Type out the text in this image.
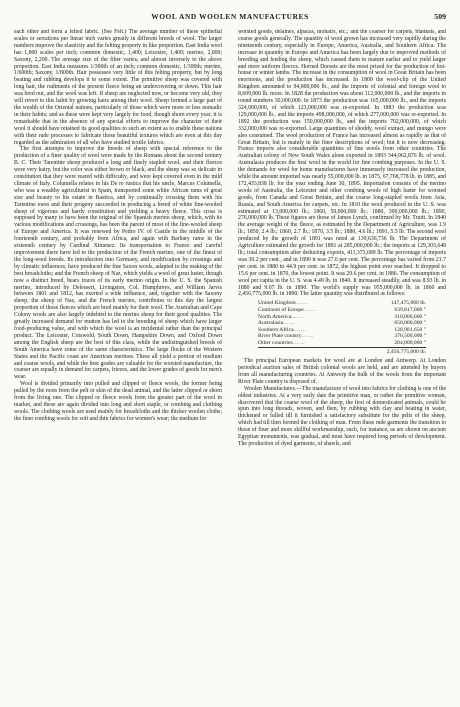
WOOL AND WOOLEN MANUFACTURES	509

each other and form a felted fabric. (See Felt.) The average number of these epithelial scales or serrations per linear inch varies greatly in different breeds of wool. The larger numbers improve the elasticity and the felting property in like proportion. East India wool has 1,800 scales per inch; common domestic, 1,400; Leicester, 1,400; merino, 2,000; Saxony, 2,200. The average size of the fiber varies, and almost inversely to the above proportion. East India measures 1/300th of an inch; common domestic, 1/300th; merino, 1/600th; Saxony, 1/800th. Hair possesses very little of this felting property, but by long beating and rubbing develops it to some extent. The primitive sheep was covered with long hair, the rudiments of the present fleece being an undercovering or down. This hair was bred out, and the wool was left. If sheep are neglected now, or become very old, they will revert to this habit by growing hairs among their wool. Sheep formed a large part of the wealth of the Oriental nations, particularly of those which were more or less nomadic in their habits; and as these were kept very largely for food, though shorn every year, it is remarkable that in the absence of any special efforts to improve the character of their wool it should have retained its good qualities to such an extent as to enable these nations with their rude processes to fabricate those beautiful textures which are even at this day regarded as the admiration of all who have studied textile fabrics.

The first attempts to improve the breeds of sheep with special reference to the production of a finer quality of wool were made by the Romans about the second century B. C. Their Tarentine sheep produced a long and finely stapled wool, and their fleeces were very hairy, but the color was either brown or black, and the sheep was so delicate in constitution that they were reared with difficulty, and were kept covered even in the mild climate of Italy. Columella relates in his De re rustica that his uncle, Marcus Columella, who was a wealthy agriculturist in Spain, transported some white African rams of great size and beauty to his estate in Baetica, and by continually crossing them with his Tarentine ewes and their progeny succeeded in producing a breed of white fine-wooled sheep of vigorous and hardy constitution and yielding a heavy fleece. This cross is supposed by many to have been the original of the Spanish merino sheep, which, with its various modifications and crossings, has been the parent of most of the fine-wooled sheep of Europe and America. It was renewed by Pedro IV. of Castile in the middle of the fourteenth century, and probably from Africa, and again with Barbary rams in the sixteenth century by Cardinal Ximenez. Its transportation to France and careful improvement there have led to the production of the French merino, one of the finest of the long-wool breeds. Its introduction into Germany, and modification by crossings and by climatic influences, have produced the fine Saxon wools, adapted to the making of the best broadcloths; and the French sheep of Naz, which yields a wool of great luster, though now a distinct breed, bears traces of its early merino origin. In the U. S. the Spanish merino, introduced by Delessert, Livingston, Col. Humphreys, and William Jarvis between 1801 and 1812, has exerted a wide influence, and, together with the Saxony sheep, the sheep of Naz, and the French merino, contributes to this day the largest proportion of those fleeces which are bred mainly for their wool. The Australian and Cape Colony wools are also largely indebted to the merino sheep for their good qualities. The greatly increased demand for mutton has led to the breeding of sheep which have larger food-producing value, and with which the wool is an incidental rather than the principal product. The Leicester, Cotswold, South Down, Hampshire Down, and Oxford Down among the English sheep are the best of this class, while the undistinguished breeds of South America have some of the same characteristics. The large flocks of the Western States and the Pacific coast are American merinos. These all yield a portion of medium and coarse wools, and while the best grades are valuable for the worsted manufacture, the coarser are equally in demand for carpets, friezes, and the lower grades of goods for men's wear.

Wool is divided primarily into pulled and clipped or fleece wools, the former being pulled by the roots from the pelt or skin of the dead animal, and the latter clipped or shorn from the living one. The clipped or fleece wools form the greater part of the wool in market, and these are again divided into long and short staple, or combing and clothing wools. The clothing wools are used mainly for broadcloths and the thicker woolen cloths; the finer combing wools for soft and thin fabrics for women's wear; the medium for

worsted goods, delaines, alpacas, mohairs, etc.; and the coarser for carpets, blankets, and coarse goods generally. The quantity of wool grown has increased very rapidly during the nineteenth century, especially in Europe, America, Australia, and Southern Africa. The increase in quantity in Europe and America has been largely due to improved methods of breeding and feeding the sheep, which caused them to mature earlier and to yield larger and more uniform fleeces. Horned Dorsets are the most prized for the production of hot-house or winter lambs. The increase in the consumption of wool in Great Britain has been enormous, and the production has increased. In 1800 the wool-clip of the United Kingdom amounted to 94,000,000 lb., and the imports of colonial and foreign wool to 8,609,000 lb. more. In 1828 the production was about 112,000,000 lb., and the imports in round numbers 30,000,000. In 1873 the production was 165,000,000 lb., and the imports 324,000,000, of which 123,000,000 was re-exported. In 1883 the production was 129,000,000 lb., and the imports 498,000,000, of which 277,000,000 was re-exported. In 1892 the production was 150,000,000 lb., and the imports 702,000,000, of which 332,000,000 was re-exported. Large quantities of shoddy, wool extract, and mungo were also consumed. The wool production of France has increased almost as rapidly as that of Great Britain, but is mainly in the finer descriptions of wool; but it is now decreasing. France imports also considerable quantities of fine wools from other countries. The Australian colony of New South Wales alone exported in 1893 344,962,876 lb. of wool. Australasia produces the best wool in the world for fine combing purposes. In the U. S. the demands for wool for home manufactures have immensely increased the production, while the amount imported was nearly 55,000,000 lb. in 1875, 67,768,778 lb. in 1885, and 172,433,838 lb. for the year ending June 30, 1895. Importation consists of the merino wools of Australia, the Leicester and other combing wools of high luster for worsted goods, from Canada and Great Britain, and the coarse long-stapled wools from Asia, Russia, and South America for carpets, etc. In 1810 the wool produced in the U. S. was estimated at 13,000,000 lb.; 1860, 50,000,000 lb.; 1880, 300,000,000 lb.; 1890, 276,000,000 lb. These figures are those of James Lynch, confirmed by Mr. Truitt. In 1840 the average weight of the fleece, as estimated by the Department of Agriculture, was 1.9 lb.; 1850, 2.4 lb.; 1860, 2.7 lb.; 1870, 3.5 lb.; 1880, 4.6 lb.; 1891, 5.5 lb. The second wool produced by the growth of 1891 was rated at 139,636,736 lb. The Department of Agriculture estimated the growth for 1891 at 285,000,000 lb.; the imports at 129,303,648 lb.; total consumption after deducting exports, 411,373,689 lb. The percentage of imports was 30.2 per cent., and in 1890 it was 27.6 per cent. The percentage has varied from 21.7 per cent. in 1880 to 44.9 per cent. in 1872, the highest point ever reached. It dropped to 15.6 per cent. in 1870, the lowest point. It was 29.6 per cent. in 1886. The consumption of wool per capita in the U. S. was 4.49 lb. in 1840. It increased steadily, and was 8.93 lb. in 1880 and 9.07 lb. in 1890. The world's supply was 955,000,000 lb. in 1860 and 2,456,775,000 lb. in 1890. The latter quantity was distributed as follows:

United Kingdom.......	147,475,000 lb.
Continent of Europe.......	639,817,000 "
North America.......	310,000,000 "
Australasia.......	650,000,000 "
Southern Africa.......	128,981,650 "
River Plate country.......	376,500,000 "
Other countries.......	204,000,000 "
	2,456,775,000 lb.

The principal European markets for wool are at London and Antwerp. At London periodical auction sales of British colonial wools are held, and are attended by buyers from all manufacturing countries. At Antwerp the bulk of the wools from the important River Plate country is disposed of.

Woolen Manufactures.—The manufacture of wool into fabrics for clothing is one of the oldest industries. At a very early date the primitive man, or rather the primitive woman, discovered that the coarse wool of the sheep, the first of domesticated animals, could be spun into long threads, woven, and then, by rubbing with clay and beating in water, thickened or fulled till it furnished a satisfactory substitute for the pelts of the sheep, which had till then formed the clothing of man. From these rude garments the transition to those of finer and more skillful workmanship, such, for instance, as are shown on ancient Egyptian monuments, was gradual, and must have required long periods of development. The production of dyed garments, of shawls, and
